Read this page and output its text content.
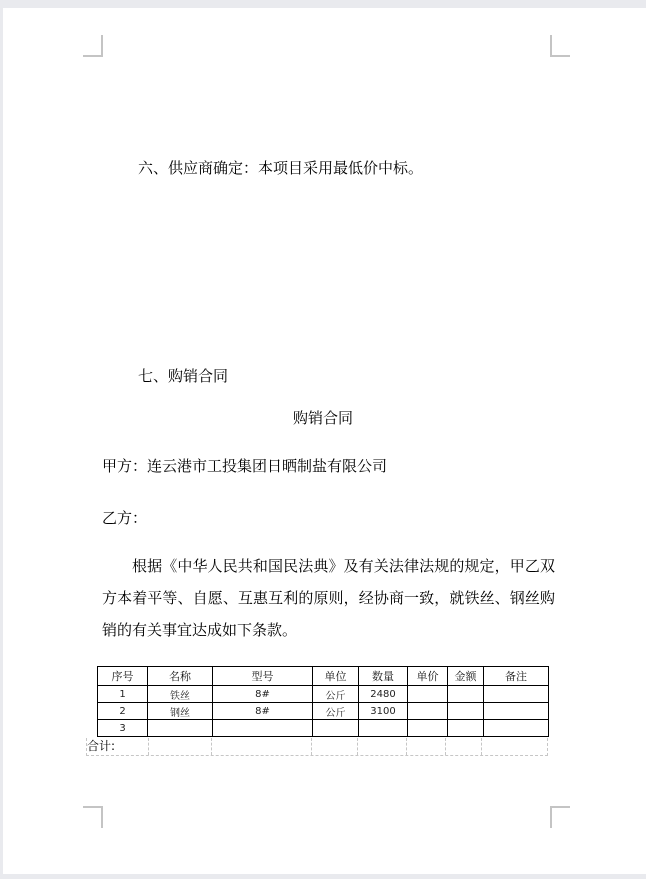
六、供应商确定：本项目采用最低价中标。
七、购销合同
购销合同
甲方：连云港市工投集团日晒制盐有限公司
乙方：
根据《中华人民共和国民法典》及有关法律法规的规定，甲乙双方本着平等、自愿、互惠互利的原则，经协商一致，就铁丝、钢丝购销的有关事宜达成如下条款。
序号	名称	型号	单位	数量	单价	金额	备注
1	铁丝	8#	公斤	2480			
2	钢丝	8#	公斤	3100			
3							
合计:
